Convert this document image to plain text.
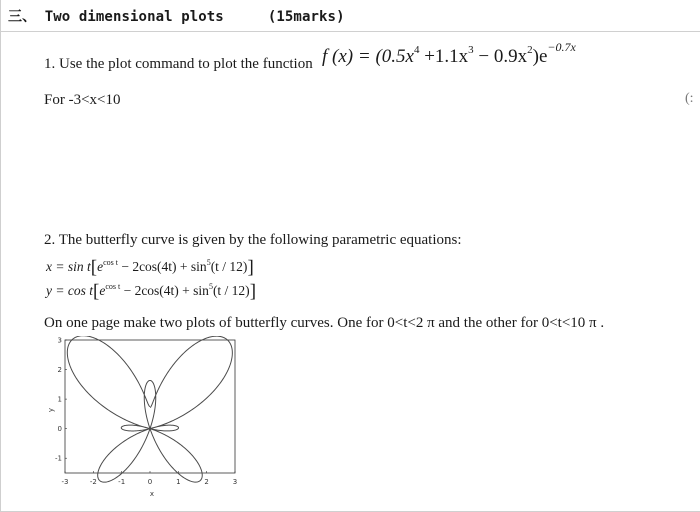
三、 Two dimensional plots	(15marks)
1. Use the plot command to plot the function f $(x) = (0.5x^4 +1.1x^3 - 0.9x^2)e^{-0.7x}$
For -3<x<10	(:
2. The butterfly curve is given by the following parametric equations:
$x = \sin t[e^{cos t} - 2\cos(4t) + \sin^5(t / 12)]$
$y = \cos t[e^{cos t} - 2\cos(4t) + \sin^5(t / 12)]$
On one page make two plots of butterfly curves. One for 0<t<2 π and the other for 0<t<10 π .
-3	-2	-1	0	1	2	3
3
2
1
0
-1
x
y
